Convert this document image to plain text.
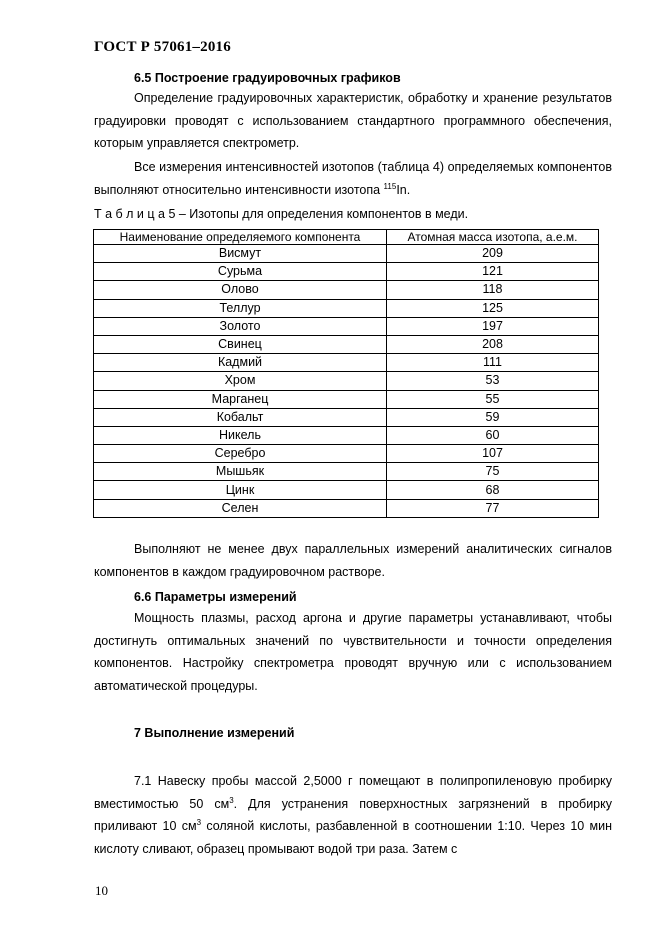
ГОСТ Р 57061–2016
6.5 Построение градуировочных графиков

Определение градуировочных характеристик, обработку и хранение результатов градуировки проводят с использованием стандартного программного обеспечения, которым управляется спектрометр.

Все измерения интенсивностей изотопов (таблица 4) определяемых компонентов выполняют относительно интенсивности изотопа $^{115}$In.

Т а б л и ц а 5 – Изотопы для определения компонентов в меди.
Наименование определяемого компонента	Атомная масса изотопа, а.е.м.
Висмут	209
Сурьма	121
Олово	118
Теллур	125
Золото	197
Свинец	208
Кадмий	111
Хром	53
Марганец	55
Кобальт	59
Никель	60
Серебро	107
Мышьяк	75
Цинк	68
Селен	77

Выполняют не менее двух параллельных измерений аналитических сигналов компонентов в каждом градуировочном растворе.

6.6 Параметры измерений

Мощность плазмы, расход аргона и другие параметры устанавливают, чтобы достигнуть оптимальных значений по чувствительности и точности определения компонентов. Настройку спектрометра проводят вручную или с использованием автоматической процедуры.

7 Выполнение измерений

7.1 Навеску пробы массой 2,5000 г помещают в полипропиленовую пробирку вместимостью 50 $см^3$. Для устранения поверхностных загрязнений в пробирку приливают 10 $см^3$ соляной кислоты, разбавленной в соотношении 1:10. Через 10 мин кислоту сливают, образец промывают водой три раза. Затем с

10
